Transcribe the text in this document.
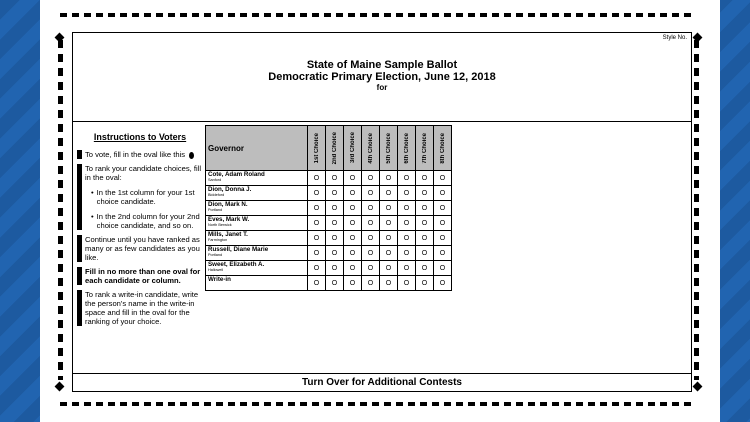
Style No.
State of Maine Sample Ballot
Democratic Primary Election, June 12, 2018
for
Instructions to Voters
To vote, fill in the oval like this
To rank your candidate choices, fill in the oval:
• In the 1st column for your 1st choice candidate.
• In the 2nd column for your 2nd choice candidate, and so on.
Continue until you have ranked as many or as few candidates as you like.
Fill in no more than one oval for each candidate or column.
To rank a write-in candidate, write the person's name in the write-in space and fill in the oval for the ranking of your choice.
Governor	1st Choice	2nd Choice	3rd Choice	4th Choice	5th Choice	6th Choice	7th Choice	8th Choice

Cote, Adam Roland
Sanford	O	O	O	O	O	O	O	O

Dion, Donna J.
Biddeford	O	O	O	O	O	O	O	O

Dion, Mark N.
Portland	O	O	O	O	O	O	O	O

Eves, Mark W.
North Berwick	O	O	O	O	O	O	O	O

Mills, Janet T.
Farmington	O	O	O	O	O	O	O	O

Russell, Diane Marie
Portland	O	O	O	O	O	O	O	O

Sweet, Elizabeth A.
Hallowell	O	O	O	O	O	O	O	O

Write-in	O	O	O	O	O	O	O	O
Turn Over for Additional Contests
